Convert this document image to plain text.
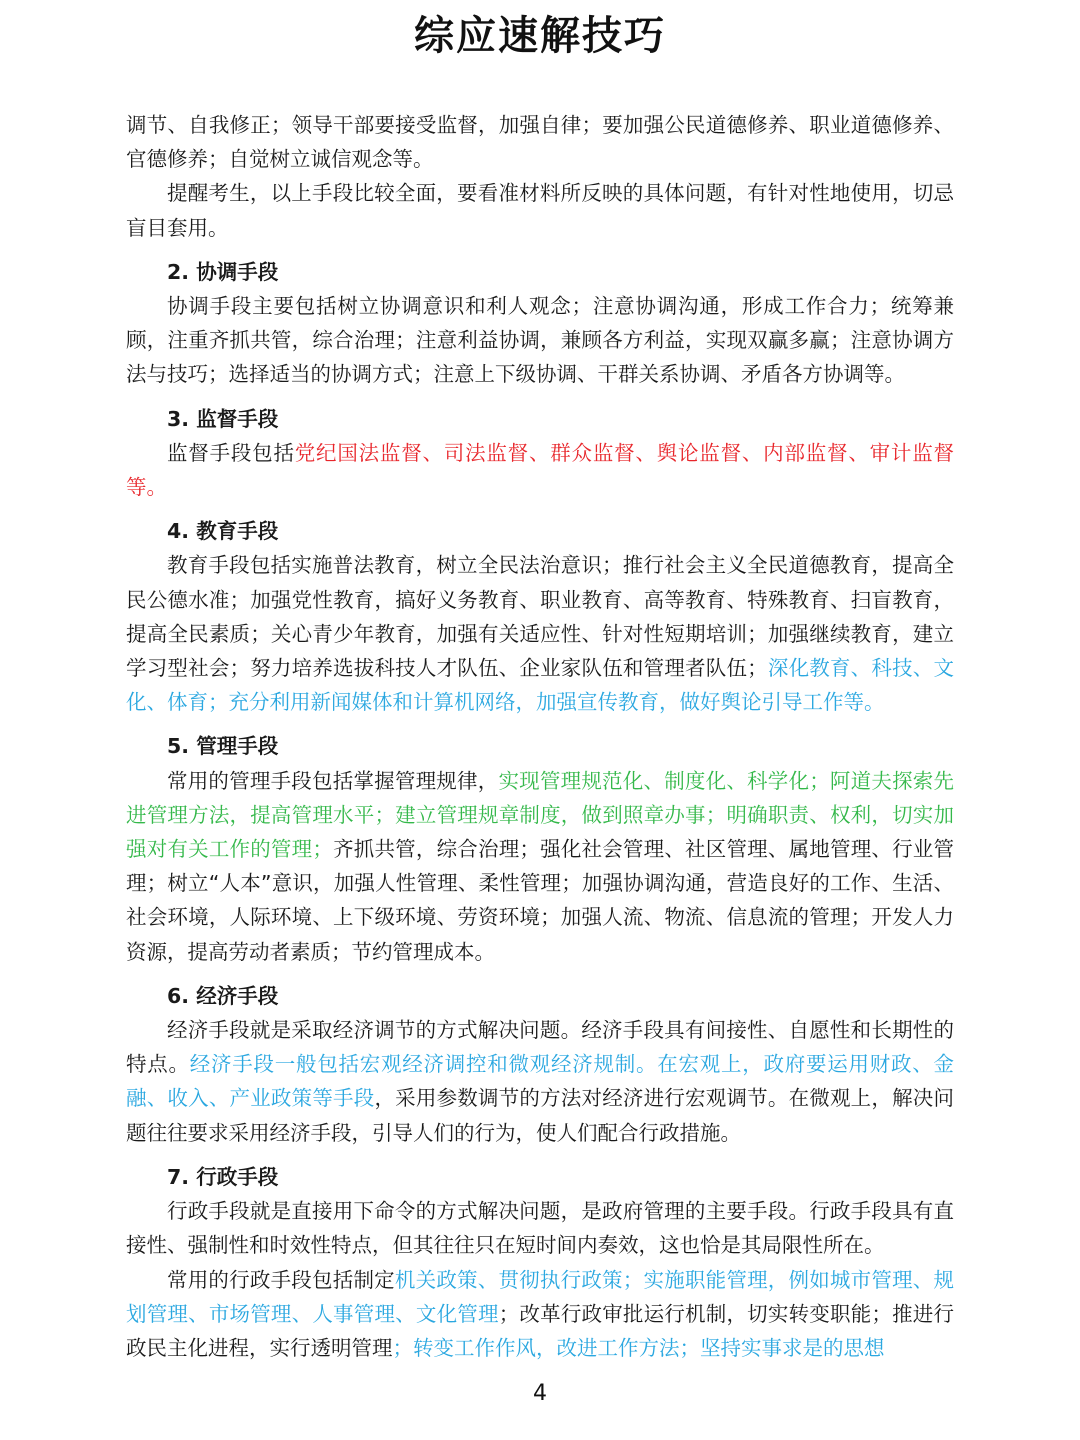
综应速解技巧

调节、自我修正；领导干部要接受监督，加强自律；要加强公民道德修养、职业道德修养、官德修养；自觉树立诚信观念等。

提醒考生，以上手段比较全面，要看准材料所反映的具体问题，有针对性地使用，切忌盲目套用。

2. 协调手段

协调手段主要包括树立协调意识和利人观念；注意协调沟通，形成工作合力；统筹兼顾，注重齐抓共管，综合治理；注意利益协调，兼顾各方利益，实现双赢多赢；注意协调方法与技巧；选择适当的协调方式；注意上下级协调、干群关系协调、矛盾各方协调等。

3. 监督手段

监督手段包括党纪国法监督、司法监督、群众监督、舆论监督、内部监督、审计监督等。

4. 教育手段

教育手段包括实施普法教育，树立全民法治意识；推行社会主义全民道德教育，提高全民公德水准；加强党性教育，搞好义务教育、职业教育、高等教育、特殊教育、扫盲教育，提高全民素质；关心青少年教育，加强有关适应性、针对性短期培训；加强继续教育，建立学习型社会；努力培养选拔科技人才队伍、企业家队伍和管理者队伍；深化教育、科技、文化、体育；充分利用新闻媒体和计算机网络，加强宣传教育，做好舆论引导工作等。

5. 管理手段

常用的管理手段包括掌握管理规律，实现管理规范化、制度化、科学化；阿道夫探索先进管理方法，提高管理水平；建立管理规章制度，做到照章办事；明确职责、权利，切实加强对有关工作的管理；齐抓共管，综合治理；强化社会管理、社区管理、属地管理、行业管理；树立“人本”意识，加强人性管理、柔性管理；加强协调沟通，营造良好的工作、生活、社会环境，人际环境、上下级环境、劳资环境；加强人流、物流、信息流的管理；开发人力资源，提高劳动者素质；节约管理成本。

6. 经济手段

经济手段就是采取经济调节的方式解决问题。经济手段具有间接性、自愿性和长期性的特点。经济手段一般包括宏观经济调控和微观经济规制。在宏观上，政府要运用财政、金融、收入、产业政策等手段，采用参数调节的方法对经济进行宏观调节。在微观上，解决问题往往要求采用经济手段，引导人们的行为，使人们配合行政措施。

7. 行政手段

行政手段就是直接用下命令的方式解决问题，是政府管理的主要手段。行政手段具有直接性、强制性和时效性特点，但其往往只在短时间内奏效，这也恰是其局限性所在。

常用的行政手段包括制定机关政策、贯彻执行政策；实施职能管理，例如城市管理、规划管理、市场管理、人事管理、文化管理；改革行政审批运行机制，切实转变职能；推进行政民主化进程，实行透明管理；转变工作作风，改进工作方法；坚持实事求是的思想

4
